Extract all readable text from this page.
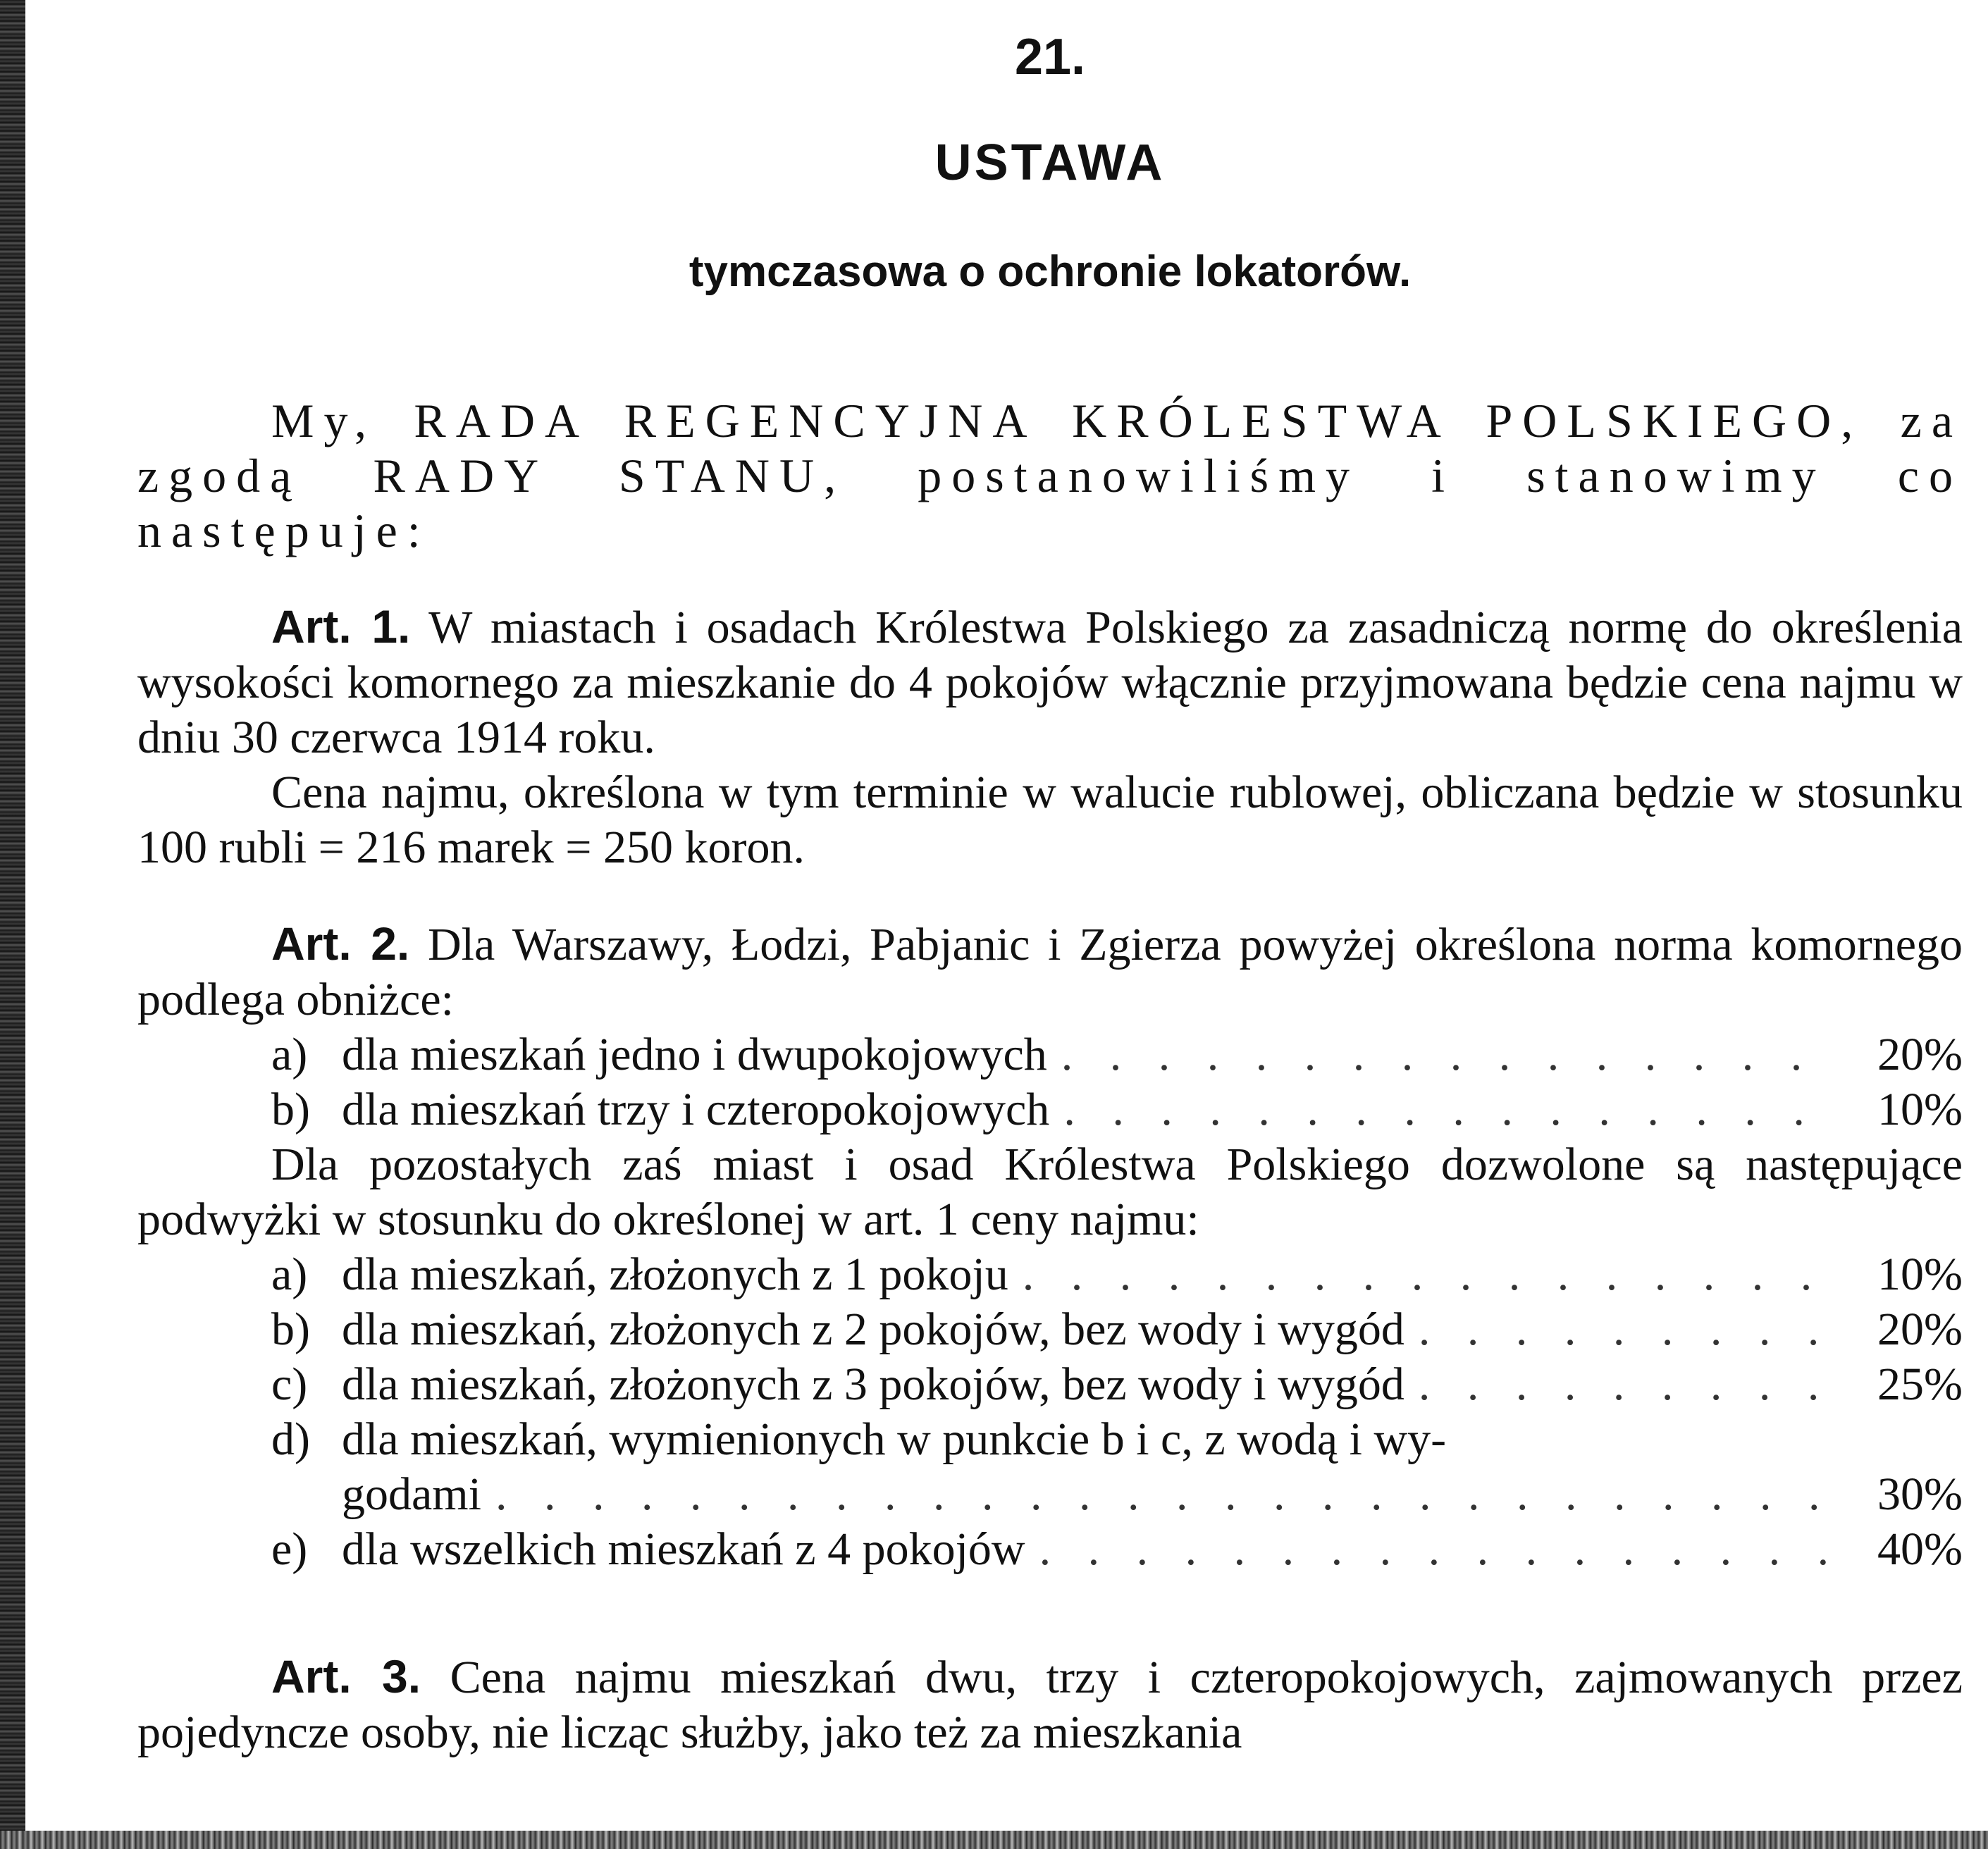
21.
USTAWA
tymczasowa o ochronie lokatorów.

My, RADA REGENCYJNA KRÓLESTWA POLSKIEGO, za zgodą RADY STANU, postanowiliśmy i stanowimy co następuje:

Art. 1. W miastach i osadach Królestwa Polskiego za zasadniczą normę do określenia wysokości komornego za mieszkanie do 4 pokojów włącznie przyjmowana będzie cena najmu w dniu 30 czerwca 1914 roku.

Cena najmu, określona w tym terminie w walucie rublowej, obliczana będzie w stosunku 100 rubli = 216 marek = 250 koron.

Art. 2. Dla Warszawy, Łodzi, Pabjanic i Zgierza powyżej określona norma komornego podlega obniżce:

a) dla mieszkań jedno i dwupokojowych . . .	20%
b) dla mieszkań trzy i czteropokojowych . . .	10%

Dla pozostałych zaś miast i osad Królestwa Polskiego dozwolone są następujące podwyżki w stosunku do określonej w art. 1 ceny najmu:

a) dla mieszkań, złożonych z 1 pokoju . . .	10%
b) dla mieszkań, złożonych z 2 pokojów, bez wody i wygód . . .	20%
c) dla mieszkań, złożonych z 3 pokojów, bez wody i wygód . . .	25%
d) dla mieszkań, wymienionych w punkcie b i c, z wodą i wy-
godami . . .	30%
e) dla wszelkich mieszkań z 4 pokojów . . .	40%

Art. 3. Cena najmu mieszkań dwu, trzy i czteropokojowych, zajmowanych przez pojedyncze osoby, nie licząc służby, jako też za mieszkania
